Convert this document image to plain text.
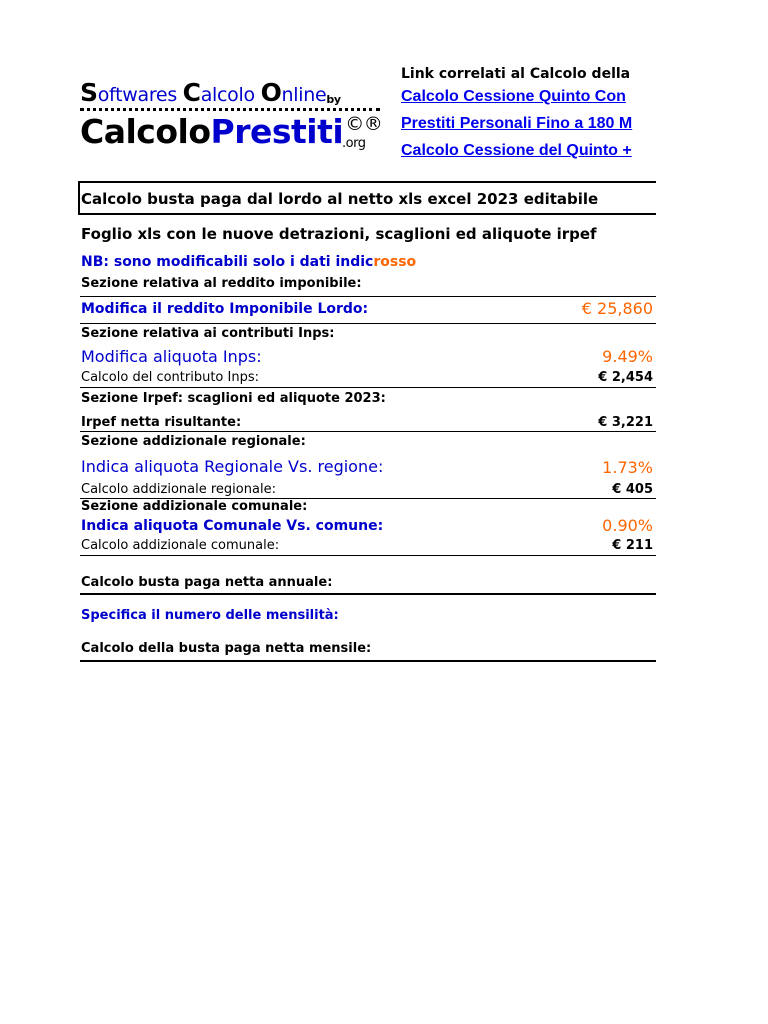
Softwares Calcolo Onlineby
CalcoloPrestiti ©®
.org
Link correlati al Calcolo della
Calcolo Cessione Quinto Con
Prestiti Personali Fino a 180 M
Calcolo Cessione del Quinto +
Calcolo busta paga dal lordo al netto xls excel 2023 editabile
Foglio xls con le nuove detrazioni, scaglioni ed aliquote irpef
NB: sono modificabili solo i dati indicrosso
Sezione relativa al reddito imponibile:
Modifica il reddito Imponibile Lordo:	€ 25,860
Sezione relativa ai contributi Inps:
Modifica aliquota Inps:	9.49%
Calcolo del contributo Inps:	€ 2,454
Sezione Irpef: scaglioni ed aliquote 2023:
Irpef netta risultante:	€ 3,221
Sezione addizionale regionale:
Indica aliquota Regionale Vs. regione:	1.73%
Calcolo addizionale regionale:	€ 405
Sezione addizionale comunale:
Indica aliquota Comunale Vs. comune:	0.90%
Calcolo addizionale comunale:	€ 211
Calcolo busta paga netta annuale:
Specifica il numero delle mensilità:
Calcolo della busta paga netta mensile:
